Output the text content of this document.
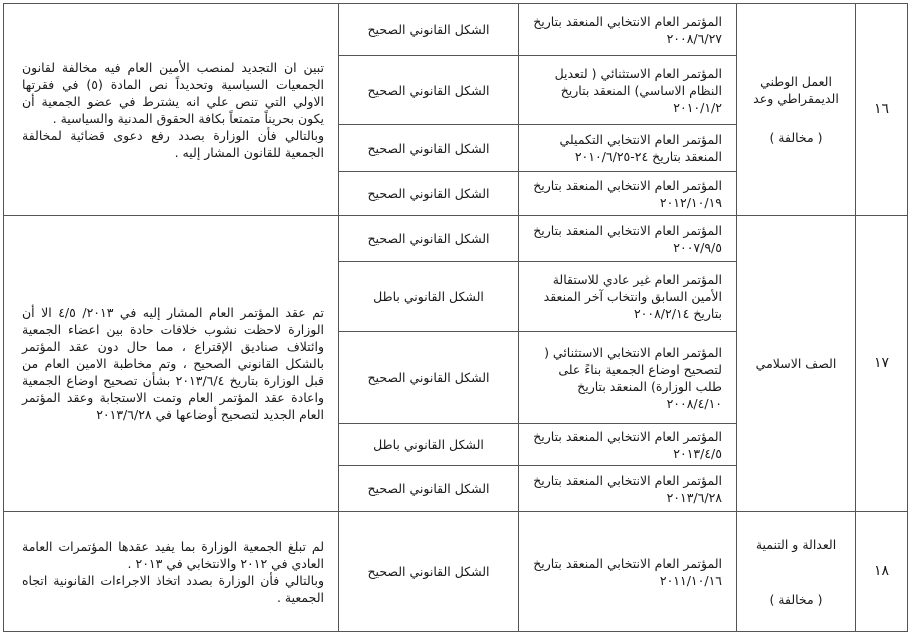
١٦
العمل الوطني الديمقراطي وعد
( مخالفة )
المؤتمر العام الانتخابي المنعقد بتاريخ ٢٠٠٨/٦/٢٧
الشكل القانوني الصحيح
المؤتمر العام الاستثنائي ( لتعديل النظام الاساسي) المنعقد بتاريخ ٢٠١٠/١/٢
الشكل القانوني الصحيح
المؤتمر العام الانتخابي التكميلي المنعقد بتاريخ ٢٤-٢٠١٠/٦/٢٥
الشكل القانوني الصحيح
المؤتمر العام الانتخابي المنعقد بتاريخ ٢٠١٢/١٠/١٩
الشكل القانوني الصحيح
تبين ان التجديد لمنصب الأمين العام فيه مخالفة لقانون الجمعيات السياسية وتحديداً نص المادة (٥) في فقرتها الاولي التي تنص علي انه يشترط في عضو الجمعية أن يكون بحريناً متمتعاً بكافة الحقوق المدنية والسياسية .
وبالتالي فأن الوزارة بصدد رفع دعوى قضائية لمخالفة الجمعية للقانون المشار إليه .
١٧
الصف الاسلامي
المؤتمر العام الانتخابي المنعقد بتاريخ ٢٠٠٧/٩/٥
الشكل القانوني الصحيح
المؤتمر العام غير عادي للاستقالة الأمين السابق وانتخاب آخر المنعقد بتاريخ ٢٠٠٨/٢/١٤
الشكل القانوني باطل
المؤتمر العام الانتخابي الاستثنائي ( لتصحيح اوضاع الجمعية بناءً على طلب الوزارة) المنعقد بتاريخ ٢٠٠٨/٤/١٠
الشكل القانوني الصحيح
المؤتمر العام الانتخابي المنعقد بتاريخ ٢٠١٣/٤/٥
الشكل القانوني باطل
المؤتمر العام الانتخابي المنعقد بتاريخ ٢٠١٣/٦/٢٨
الشكل القانوني الصحيح
تم عقد المؤتمر العام المشار إليه في ٢٠١٣/ ٤/٥ الا أن الوزارة لاحظت نشوب خلافات حادة بين اعضاء الجمعية وائتلاف صناديق الإقتراع ، مما حال دون عقد المؤتمر بالشكل القانوني الصحيح ، وتم مخاطبة الامين العام من قبل الوزارة بتاريخ ٢٠١٣/٦/٤ بشأن تصحيح اوضاع الجمعية واعادة عقد المؤتمر العام وتمت الاستجابة وعقد المؤتمر العام الجديد لتصحيح أوضاعها في ٢٠١٣/٦/٢٨
١٨
العدالة و التنمية
( مخالفة )
المؤتمر العام الانتخابي المنعقد بتاريخ ٢٠١١/١٠/١٦
الشكل القانوني الصحيح
لم تبلغ الجمعية الوزارة بما يفيد عقدها المؤتمرات العامة العادي في ٢٠١٢ والانتخابي في ٢٠١٣ .
وبالتالي فأن الوزارة بصدد اتخاذ الاجراءات القانونية اتجاه الجمعية .
